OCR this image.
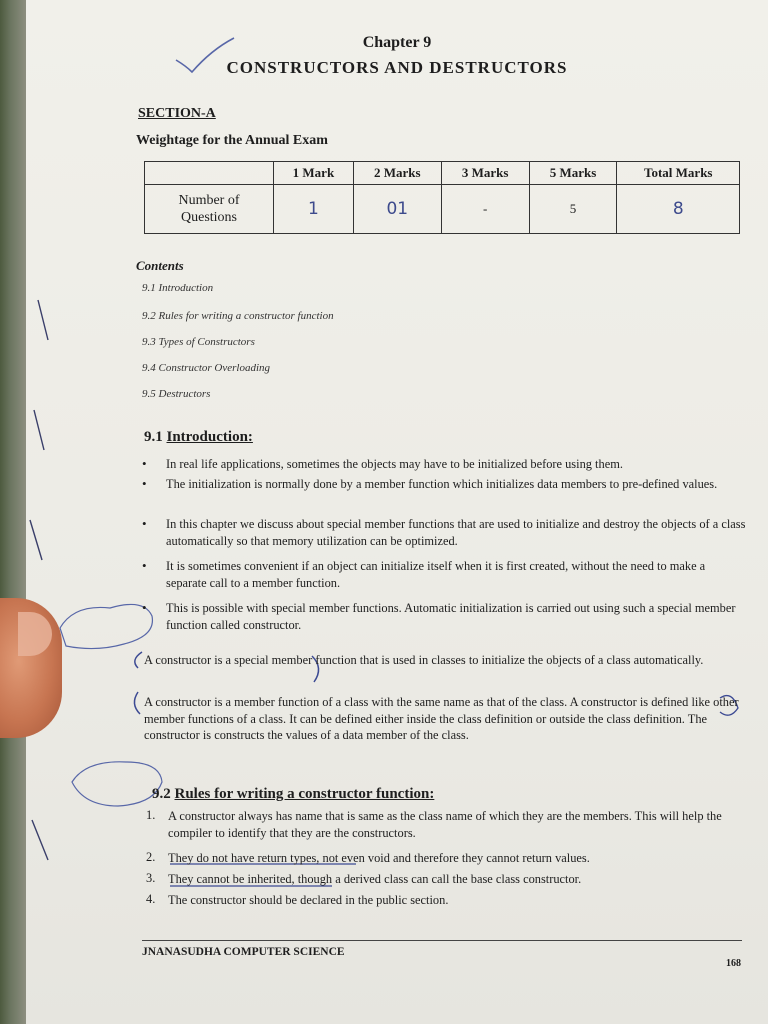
Chapter 9
CONSTRUCTORS AND DESTRUCTORS
SECTION-A
Weightage for the Annual Exam
	1 Mark	2 Marks	3 Marks	5 Marks	Total Marks
Number of Questions	1	01	-	5	8
Contents
9.1 Introduction
9.2 Rules for writing a constructor function
9.3 Types of Constructors
9.4 Constructor Overloading
9.5 Destructors
9.1 Introduction:
• In real life applications, sometimes the objects may have to be initialized before using them.
• The initialization is normally done by a member function which initializes data members to pre-defined values.
• In this chapter we discuss about special member functions that are used to initialize and destroy the objects of a class automatically so that memory utilization can be optimized.
• It is sometimes convenient if an object can initialize itself when it is first created, without the need to make a separate call to a member function.
• This is possible with special member functions. Automatic initialization is carried out using such a special member function called constructor.
A constructor is a special member function that is used in classes to initialize the objects of a class automatically.
A constructor is a member function of a class with the same name as that of the class. A constructor is defined like other member functions of a class. It can be defined either inside the class definition or outside the class definition. The constructor is constructs the values of a data member of the class.
9.2 Rules for writing a constructor function:
1. A constructor always has name that is same as the class name of which they are the members. This will help the compiler to identify that they are the constructors.
2. They do not have return types, not even void and therefore they cannot return values.
3. They cannot be inherited, though a derived class can call the base class constructor.
4. The constructor should be declared in the public section.
JNANASUDHA COMPUTER SCIENCE
168
